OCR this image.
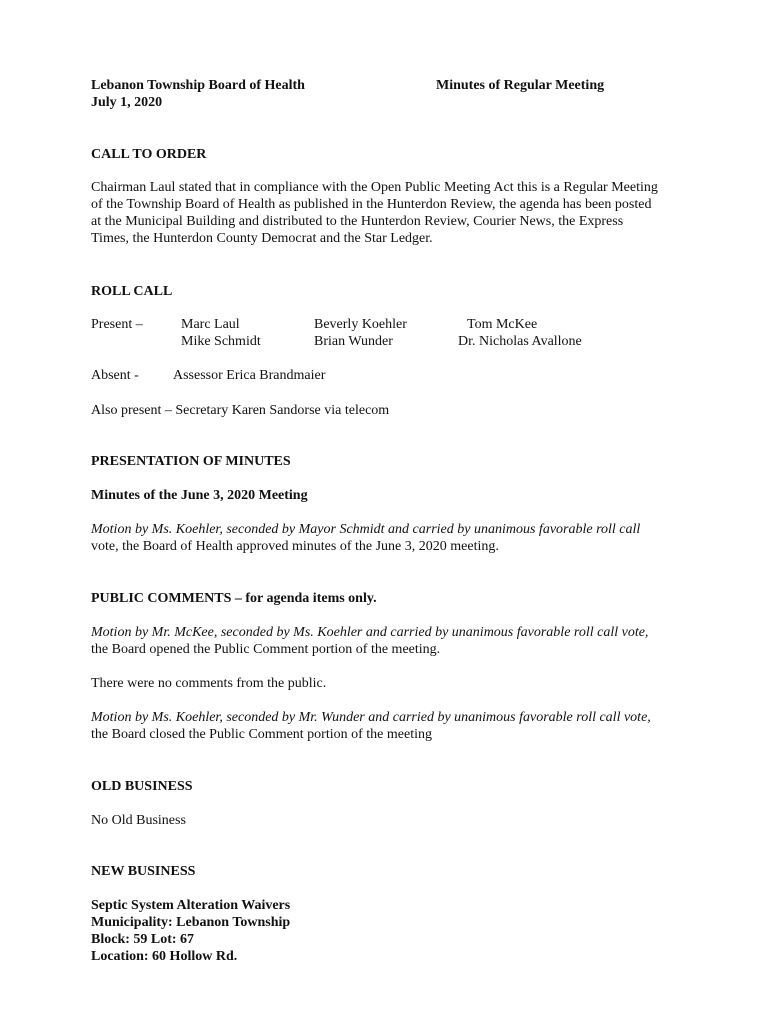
Lebanon Township Board of Health
July 1, 2020
Minutes of Regular Meeting
CALL TO ORDER
Chairman Laul stated that in compliance with the Open Public Meeting Act this is a Regular Meeting
of the Township Board of Health as published in the Hunterdon Review, the agenda has been posted
at the Municipal Building and distributed to the Hunterdon Review, Courier News, the Express
Times, the Hunterdon County Democrat and the Star Ledger.
ROLL CALL
Present –	Marc Laul
Mike Schmidt
Beverly Koehler
Brian Wunder
Tom McKee
Dr. Nicholas Avallone
Absent - Assessor Erica Brandmaier
Also present – Secretary Karen Sandorse via telecom
PRESENTATION OF MINUTES
Minutes of the June 3, 2020 Meeting
Motion by Ms. Koehler, seconded by Mayor Schmidt and carried by unanimous favorable roll call
vote, the Board of Health approved minutes of the June 3, 2020 meeting.
PUBLIC COMMENTS – for agenda items only.
Motion by Mr. McKee, seconded by Ms. Koehler and carried by unanimous favorable roll call vote,
the Board opened the Public Comment portion of the meeting.
There were no comments from the public.
Motion by Ms. Koehler, seconded by Mr. Wunder and carried by unanimous favorable roll call vote,
the Board closed the Public Comment portion of the meeting
OLD BUSINESS
No Old Business
NEW BUSINESS
Septic System Alteration Waivers
Municipality: Lebanon Township
Block: 59 Lot: 67
Location: 60 Hollow Rd.
